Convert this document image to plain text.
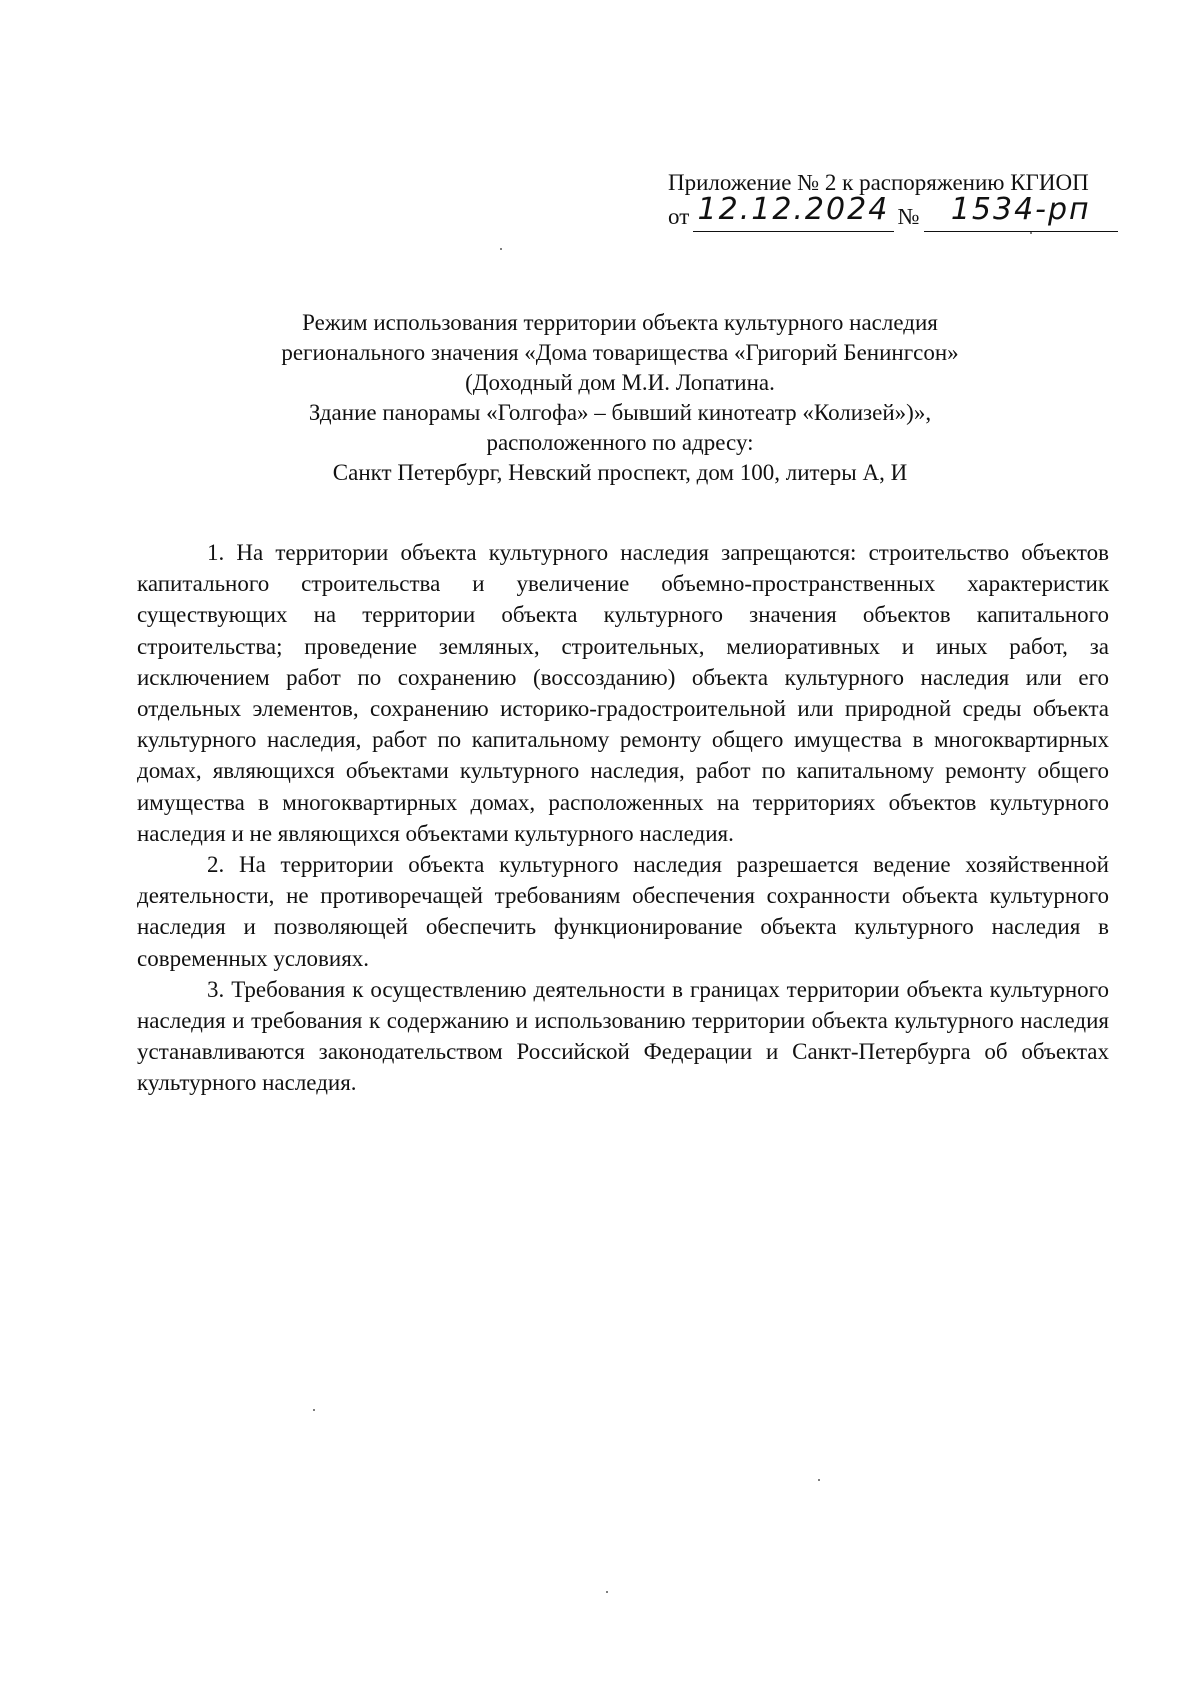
Приложение № 2 к распоряжению КГИОП
от 12.12.2024 №	1534-рп
Режим использования территории объекта культурного наследия
регионального значения «Дома товарищества «Григорий Бенингсон»
(Доходный дом М.И. Лопатина.
Здание панорамы «Голгофа» – бывший кинотеатр «Колизей»)»,
расположенного по адресу:
Санкт Петербург, Невский проспект, дом 100, литеры А, И

1. На территории объекта культурного наследия запрещаются: строительство объектов капитального строительства и увеличение объемно-пространственных характеристик существующих на территории объекта культурного значения объектов капитального строительства; проведение земляных, строительных, мелиоративных и иных работ, за исключением работ по сохранению (воссозданию) объекта культурного наследия или его отдельных элементов, сохранению историко-градостроительной или природной среды объекта культурного наследия, работ по капитальному ремонту общего имущества в многоквартирных домах, являющихся объектами культурного наследия, работ по капитальному ремонту общего имущества в многоквартирных домах, расположенных на территориях объектов культурного наследия и не являющихся объектами культурного наследия.

2. На территории объекта культурного наследия разрешается ведение хозяйственной деятельности, не противоречащей требованиям обеспечения сохранности объекта культурного наследия и позволяющей обеспечить функционирование объекта культурного наследия в современных условиях.

3. Требования к осуществлению деятельности в границах территории объекта культурного наследия и требования к содержанию и использованию территории объекта культурного наследия устанавливаются законодательством Российской Федерации и Санкт-Петербурга об объектах культурного наследия.
